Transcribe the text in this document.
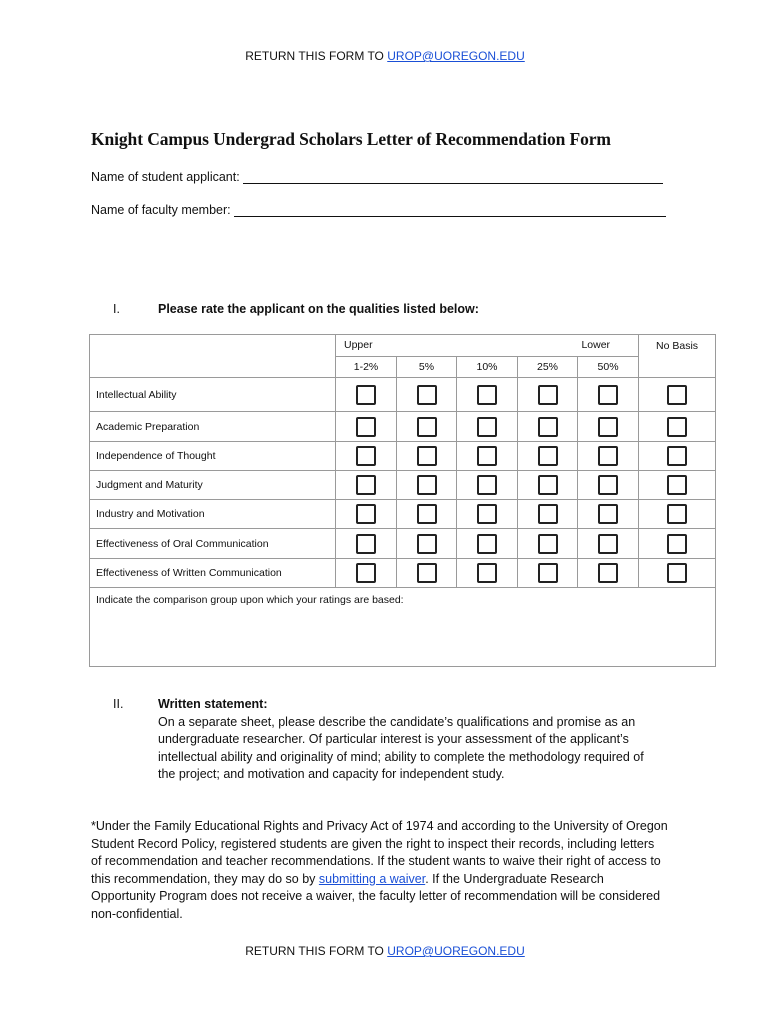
RETURN THIS FORM TO UROP@UOREGON.EDU
Knight Campus Undergrad Scholars Letter of Recommendation Form
Name of student applicant:
Name of faculty member:
I.	Please rate the applicant on the qualities listed below:

	Upper Lower					No Basis
	1-2%	5%	10%	25%	50%	
Intellectual Ability						
Academic Preparation						
Independence of Thought						
Judgment and Maturity						
Industry and Motivation						
Effectiveness of Oral Communication						
Effectiveness of Written Communication						
Indicate the comparison group upon which your ratings are based:						
II.	Written statement:
On a separate sheet, please describe the candidate’s qualifications and promise as an
undergraduate researcher. Of particular interest is your assessment of the applicant’s
intellectual ability and originality of mind; ability to complete the methodology required of
the project; and motivation and capacity for independent study.
*Under the Family Educational Rights and Privacy Act of 1974 and according to the University of Oregon
Student Record Policy, registered students are given the right to inspect their records, including letters
of recommendation and teacher recommendations. If the student wants to waive their right of access to
this recommendation, they may do so by submitting a waiver. If the Undergraduate Research
Opportunity Program does not receive a waiver, the faculty letter of recommendation will be considered
non-confidential.
RETURN THIS FORM TO UROP@UOREGON.EDU
